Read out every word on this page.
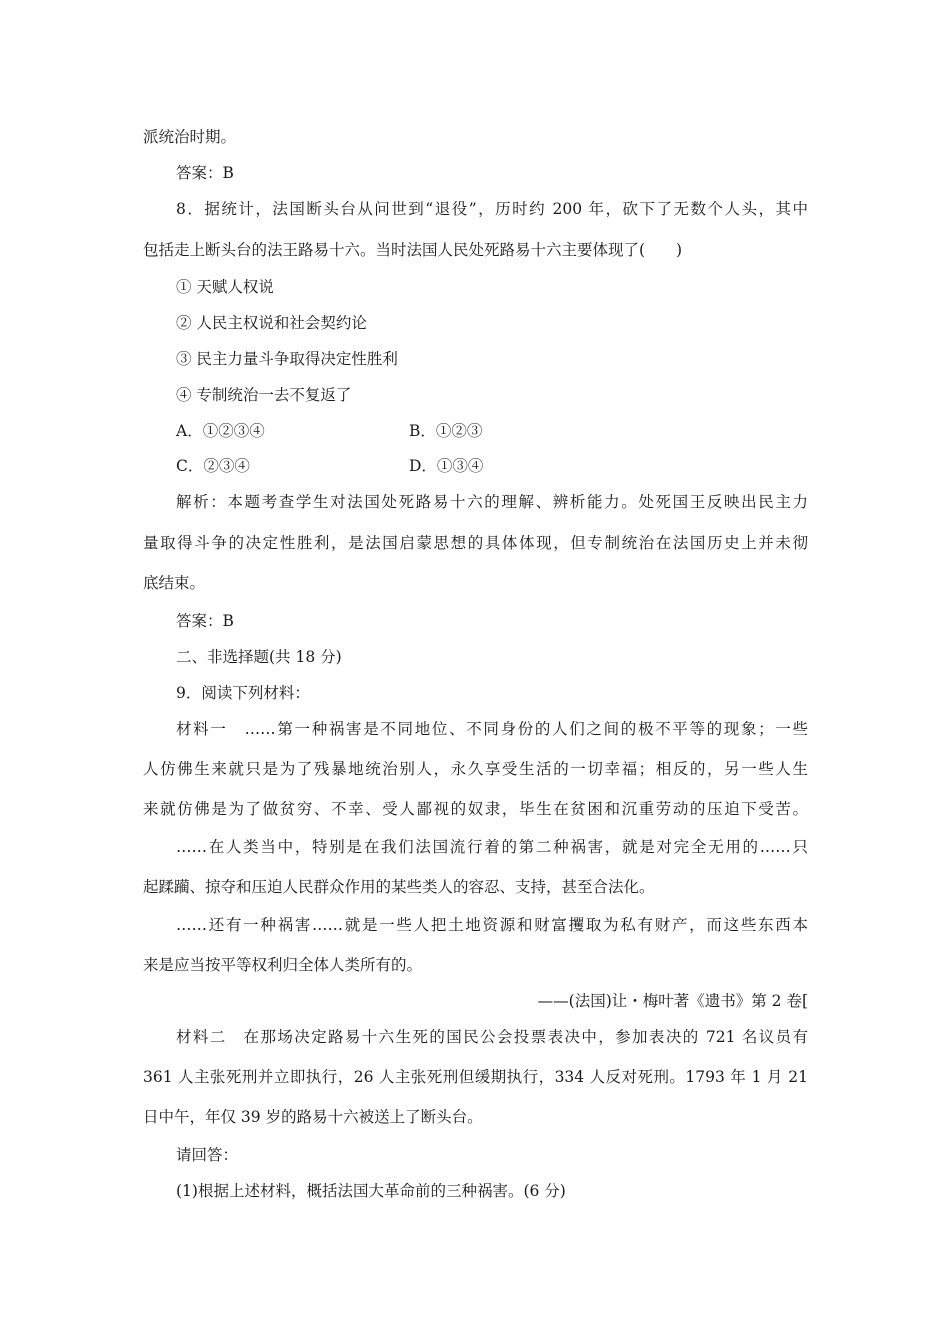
派统治时期。
答案：B
8．据统计，法国断头台从问世到“退役”，历时约 200 年，砍下了无数个人头，其中
包括走上断头台的法王路易十六。当时法国人民处死路易十六主要体现了(　　)
① 天赋人权说
② 人民主权说和社会契约论
③ 民主力量斗争取得决定性胜利
④ 专制统治一去不复返了
A．①②③④	B．①②③
C．②③④	D．①③④
解析：本题考查学生对法国处死路易十六的理解、辨析能力。处死国王反映出民主力
量取得斗争的决定性胜利，是法国启蒙思想的具体体现，但专制统治在法国历史上并未彻
底结束。
答案：B
二、非选择题(共 18 分)
9．阅读下列材料：
材料一　……第一种祸害是不同地位、不同身份的人们之间的极不平等的现象；一些
人仿佛生来就只是为了残暴地统治别人，永久享受生活的一切幸福；相反的，另一些人生
来就仿佛是为了做贫穷、不幸、受人鄙视的奴隶，毕生在贫困和沉重劳动的压迫下受苦。
……在人类当中，特别是在我们法国流行着的第二种祸害，就是对完全无用的……只
起蹂躏、掠夺和压迫人民群众作用的某些类人的容忍、支持，甚至合法化。
……还有一种祸害……就是一些人把土地资源和财富攫取为私有财产，而这些东西本
来是应当按平等权利归全体人类所有的。
——(法国)让・梅叶著《遗书》第 2 卷[
材料二　在那场决定路易十六生死的国民公会投票表决中，参加表决的 721 名议员有
361 人主张死刑并立即执行，26 人主张死刑但缓期执行，334 人反对死刑。1793 年 1 月 21
日中午，年仅 39 岁的路易十六被送上了断头台。
请回答：
(1)根据上述材料，概括法国大革命前的三种祸害。(6 分)
